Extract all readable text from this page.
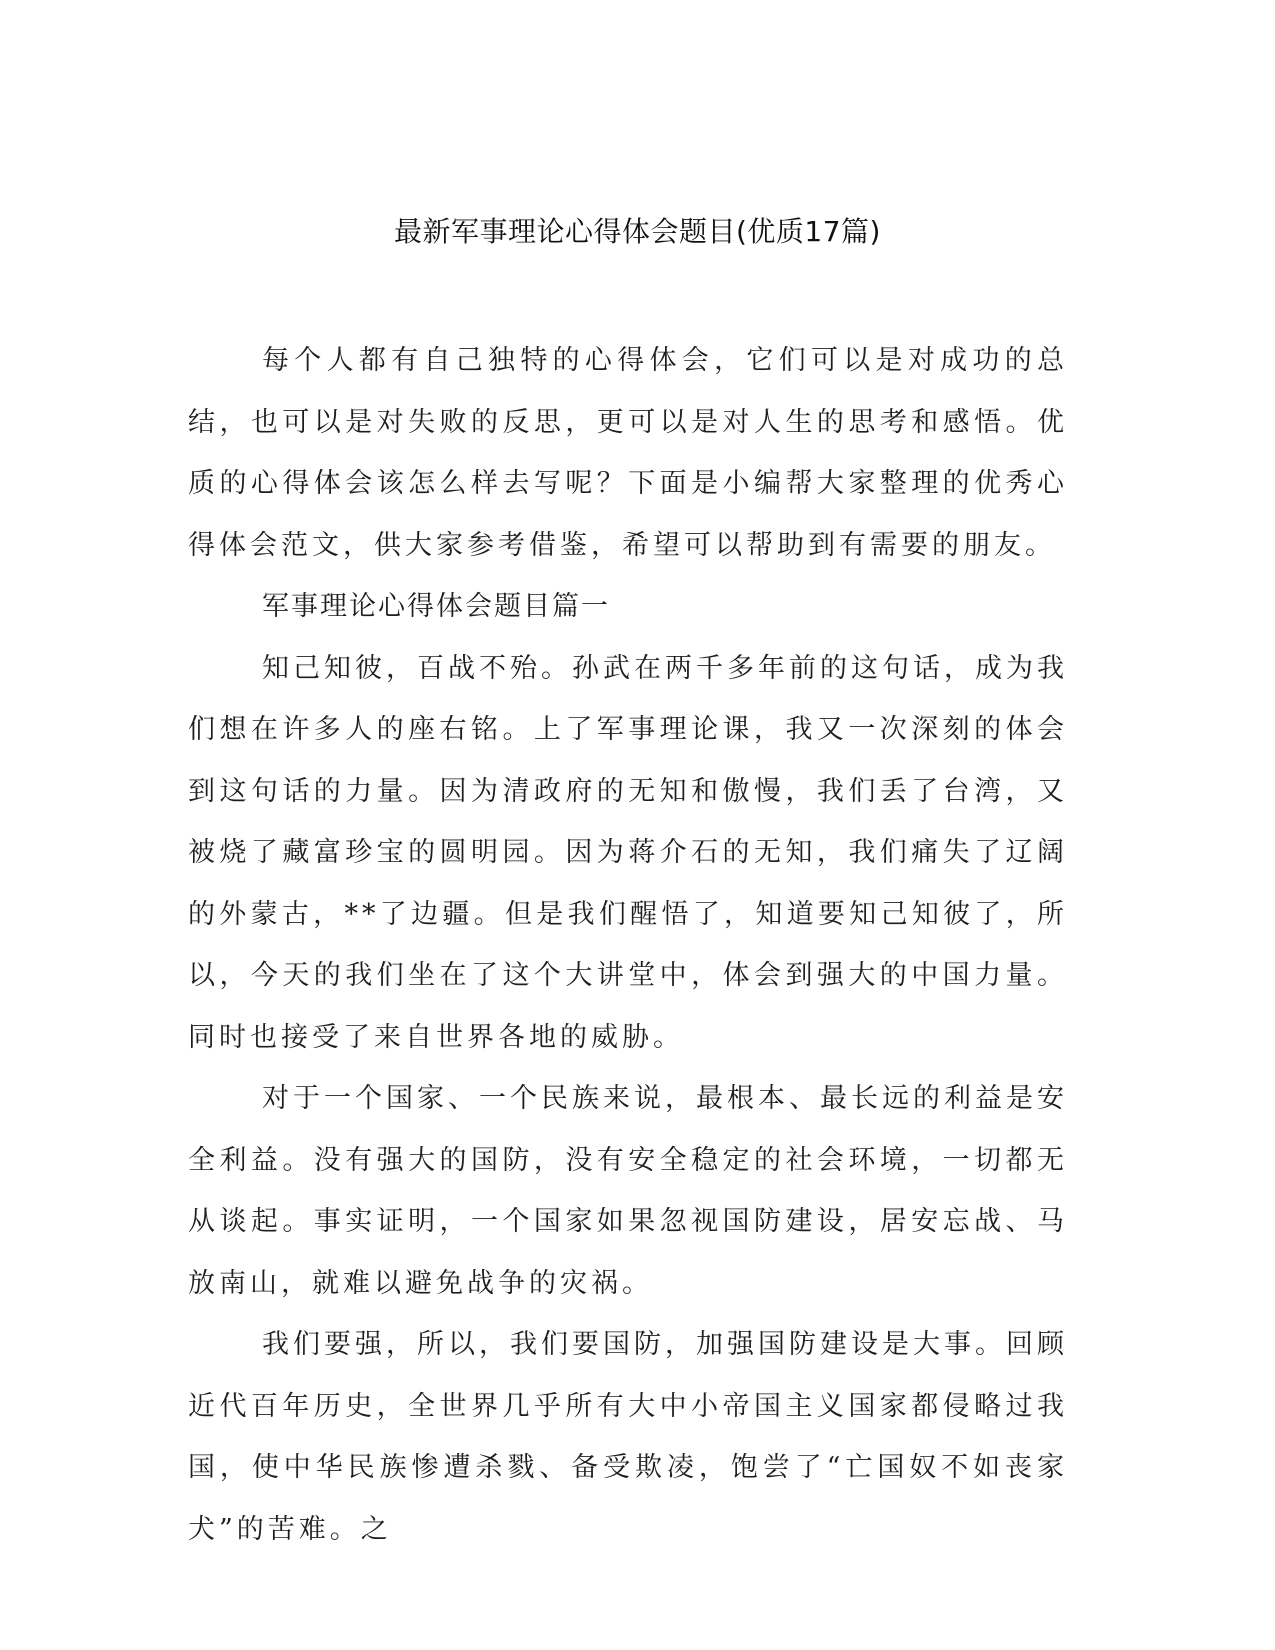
最新军事理论心得体会题目(优质17篇)

每个人都有自己独特的心得体会，它们可以是对成功的总结，也可以是对失败的反思，更可以是对人生的思考和感悟。优质的心得体会该怎么样去写呢？下面是小编帮大家整理的优秀心得体会范文，供大家参考借鉴，希望可以帮助到有需要的朋友。

军事理论心得体会题目篇一

知己知彼，百战不殆。孙武在两千多年前的这句话，成为我们想在许多人的座右铭。上了军事理论课，我又一次深刻的体会到这句话的力量。因为清政府的无知和傲慢，我们丢了台湾，又被烧了藏富珍宝的圆明园。因为蒋介石的无知，我们痛失了辽阔的外蒙古，**了边疆。但是我们醒悟了，知道要知己知彼了，所以，今天的我们坐在了这个大讲堂中，体会到强大的中国力量。同时也接受了来自世界各地的威胁。

对于一个国家、一个民族来说，最根本、最长远的利益是安全利益。没有强大的国防，没有安全稳定的社会环境，一切都无从谈起。事实证明，一个国家如果忽视国防建设，居安忘战、马放南山，就难以避免战争的灾祸。

我们要强，所以，我们要国防，加强国防建设是大事。回顾近代百年历史，全世界几乎所有大中小帝国主义国家都侵略过我国，使中华民族惨遭杀戮、备受欺凌，饱尝了“亡国奴不如丧家犬”的苦难。之
